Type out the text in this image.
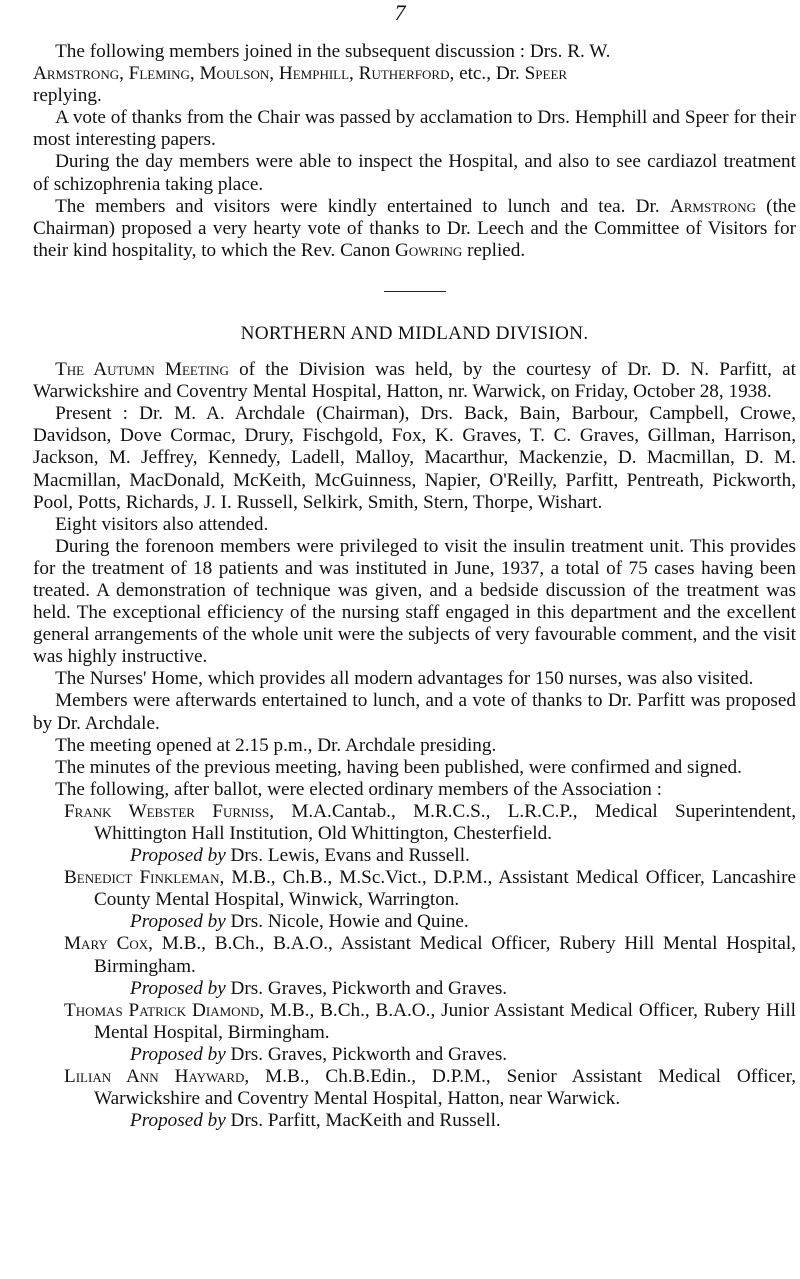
7

The following members joined in the subsequent discussion : Drs. R. W.
Armstrong, Fleming, Moulson, Hemphill, Rutherford, etc., Dr. Speer
replying.

A vote of thanks from the Chair was passed by acclamation to Drs. Hemphill and Speer for their most interesting papers.

During the day members were able to inspect the Hospital, and also to see cardiazol treatment of schizophrenia taking place.

The members and visitors were kindly entertained to lunch and tea. Dr. Armstrong (the Chairman) proposed a very hearty vote of thanks to Dr. Leech and the Committee of Visitors for their kind hospitality, to which the Rev. Canon Gowring replied.

NORTHERN AND MIDLAND DIVISION.

The Autumn Meeting of the Division was held, by the courtesy of Dr. D. N. Parfitt, at Warwickshire and Coventry Mental Hospital, Hatton, nr. Warwick, on Friday, October 28, 1938.

Present : Dr. M. A. Archdale (Chairman), Drs. Back, Bain, Barbour, Campbell, Crowe, Davidson, Dove Cormac, Drury, Fischgold, Fox, K. Graves, T. C. Graves, Gillman, Harrison, Jackson, M. Jeffrey, Kennedy, Ladell, Malloy, Macarthur, Mackenzie, D. Macmillan, D. M. Macmillan, MacDonald, McKeith, McGuinness, Napier, O'Reilly, Parfitt, Pentreath, Pickworth, Pool, Potts, Richards, J. I. Russell, Selkirk, Smith, Stern, Thorpe, Wishart.

Eight visitors also attended.

During the forenoon members were privileged to visit the insulin treatment unit. This provides for the treatment of 18 patients and was instituted in June, 1937, a total of 75 cases having been treated. A demonstration of technique was given, and a bedside discussion of the treatment was held. The exceptional efficiency of the nursing staff engaged in this department and the excellent general arrangements of the whole unit were the subjects of very favourable comment, and the visit was highly instructive.

The Nurses' Home, which provides all modern advantages for 150 nurses, was also visited.

Members were afterwards entertained to lunch, and a vote of thanks to Dr. Parfitt was proposed by Dr. Archdale.

The meeting opened at 2.15 p.m., Dr. Archdale presiding.

The minutes of the previous meeting, having been published, were confirmed and signed.

The following, after ballot, were elected ordinary members of the Association :

Frank Webster Furniss, M.A.Cantab., M.R.C.S., L.R.C.P., Medical Superintendent, Whittington Hall Institution, Old Whittington, Chesterfield.

Proposed by Drs. Lewis, Evans and Russell.

Benedict Finkleman, M.B., Ch.B., M.Sc.Vict., D.P.M., Assistant Medical Officer, Lancashire County Mental Hospital, Winwick, Warrington.

Proposed by Drs. Nicole, Howie and Quine.

Mary Cox, M.B., B.Ch., B.A.O., Assistant Medical Officer, Rubery Hill Mental Hospital, Birmingham.

Proposed by Drs. Graves, Pickworth and Graves.

Thomas Patrick Diamond, M.B., B.Ch., B.A.O., Junior Assistant Medical Officer, Rubery Hill Mental Hospital, Birmingham.

Proposed by Drs. Graves, Pickworth and Graves.

Lilian Ann Hayward, M.B., Ch.B.Edin., D.P.M., Senior Assistant Medical Officer, Warwickshire and Coventry Mental Hospital, Hatton, near Warwick.

Proposed by Drs. Parfitt, MacKeith and Russell.
